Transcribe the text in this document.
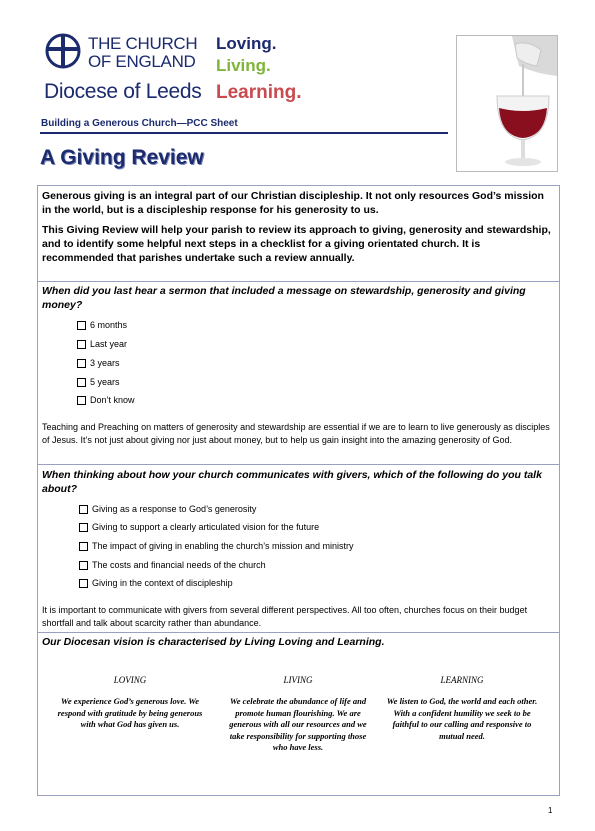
THE CHURCH
OF ENGLAND
Diocese of Leeds
Loving.
Living.
Learning.
Building a Generous Church—PCC Sheet
A Giving Review
Generous giving is an integral part of our Christian discipleship. It not only resources God’s mission in the world, but is a discipleship response for his generosity to us.
This Giving Review will help your parish to review its approach to giving, generosity and stewardship, and to identify some helpful next steps in a checklist for a giving orientated church. It is recommended that parishes undertake such a review annually.
When did you last hear a sermon that included a message on stewardship, generosity and giving money?
6 months
Last year
3 years
5 years
Don’t know
Teaching and Preaching on matters of generosity and stewardship are essential if we are to learn to live generously as disciples of Jesus. It’s not just about giving nor just about money, but to help us gain insight into the amazing generosity of God.
When thinking about how your church communicates with givers, which of the following do you talk about?
Giving as a response to God’s generosity
Giving to support a clearly articulated vision for the future
The impact of giving in enabling the church’s mission and ministry
The costs and financial needs of the church
Giving in the context of discipleship
It is important to communicate with givers from several different perspectives. All too often, churches focus on their budget shortfall and talk about scarcity rather than abundance.
Our Diocesan vision is characterised by Living Loving and Learning.
LOVING
We experience God’s generous love. We respond with gratitude by being generous with what God has given us.
LIVING
We celebrate the abundance of life and promote human flourishing. We are generous with all our resources and we take responsibility for supporting those who have less.
LEARNING
We listen to God, the world and each other. With a confident humility we seek to be faithful to our calling and responsive to mutual need.
1
